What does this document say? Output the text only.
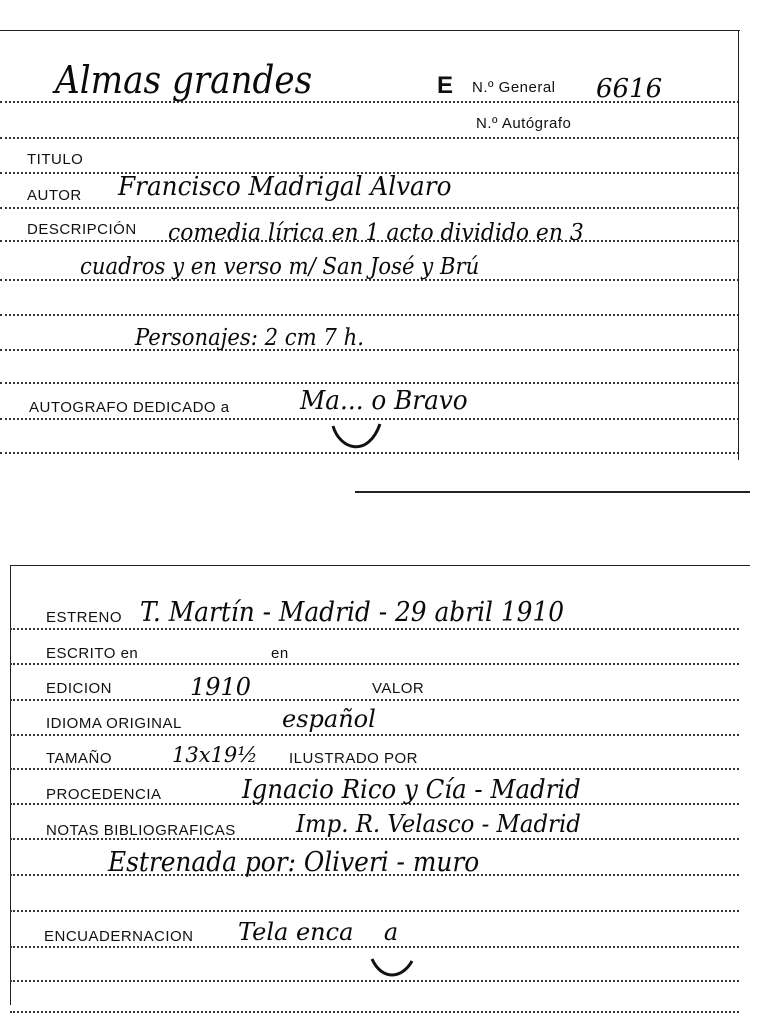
Almas grandes	E N.º General 6616
N.º Autógrafo
TITULO
AUTOR Francisco Madrigal Alvaro
DESCRIPCIÓN comedia lírica en 1 acto dividido en 3
cuadros y en verso m/ San José y Brú
Personajes: 2 cm 7 h.
AUTOGRAFO DEDICADO a	Ma... o Bravo
ESTRENO T. Martín - Madrid - 29 abril 1910
ESCRITO en	en
EDICION	1910	VALOR
IDIOMA ORIGINAL	español
TAMAÑO	13x19½ ILUSTRADO POR
PROCEDENCIA	Ignacio Rico y Cía - Madrid
NOTAS BIBLIOGRAFICAS	Imp. R. Velasco - Madrid
Estrenada por: Oliveri - muro
ENCUADERNACION Tela enca    a
